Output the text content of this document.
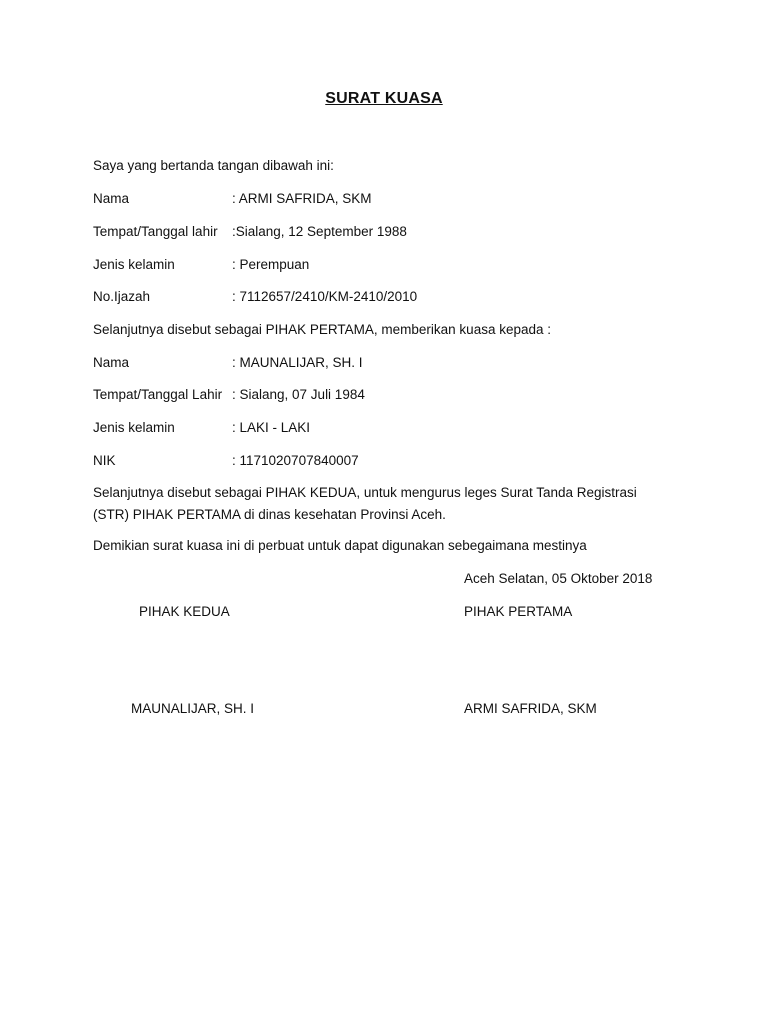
SURAT KUASA
Saya yang bertanda tangan dibawah ini:
Nama	: ARMI SAFRIDA, SKM
Tempat/Tanggal lahir :Sialang, 12 September 1988
Jenis kelamin	: Perempuan
No.Ijazah	: 7112657/2410/KM-2410/2010
Selanjutnya disebut sebagai PIHAK PERTAMA, memberikan kuasa kepada :
Nama	: MAUNALIJAR, SH. I
Tempat/Tanggal Lahir : Sialang, 07 Juli 1984
Jenis kelamin	: LAKI - LAKI
NIK	: 1171020707840007
Selanjutnya disebut sebagai PIHAK KEDUA, untuk mengurus leges Surat Tanda Registrasi (STR) PIHAK PERTAMA di dinas kesehatan Provinsi Aceh.
Demikian surat kuasa ini di perbuat untuk dapat digunakan sebegaimana mestinya
Aceh Selatan, 05 Oktober 2018
PIHAK KEDUA	PIHAK PERTAMA
MAUNALIJAR, SH. I	ARMI SAFRIDA, SKM
